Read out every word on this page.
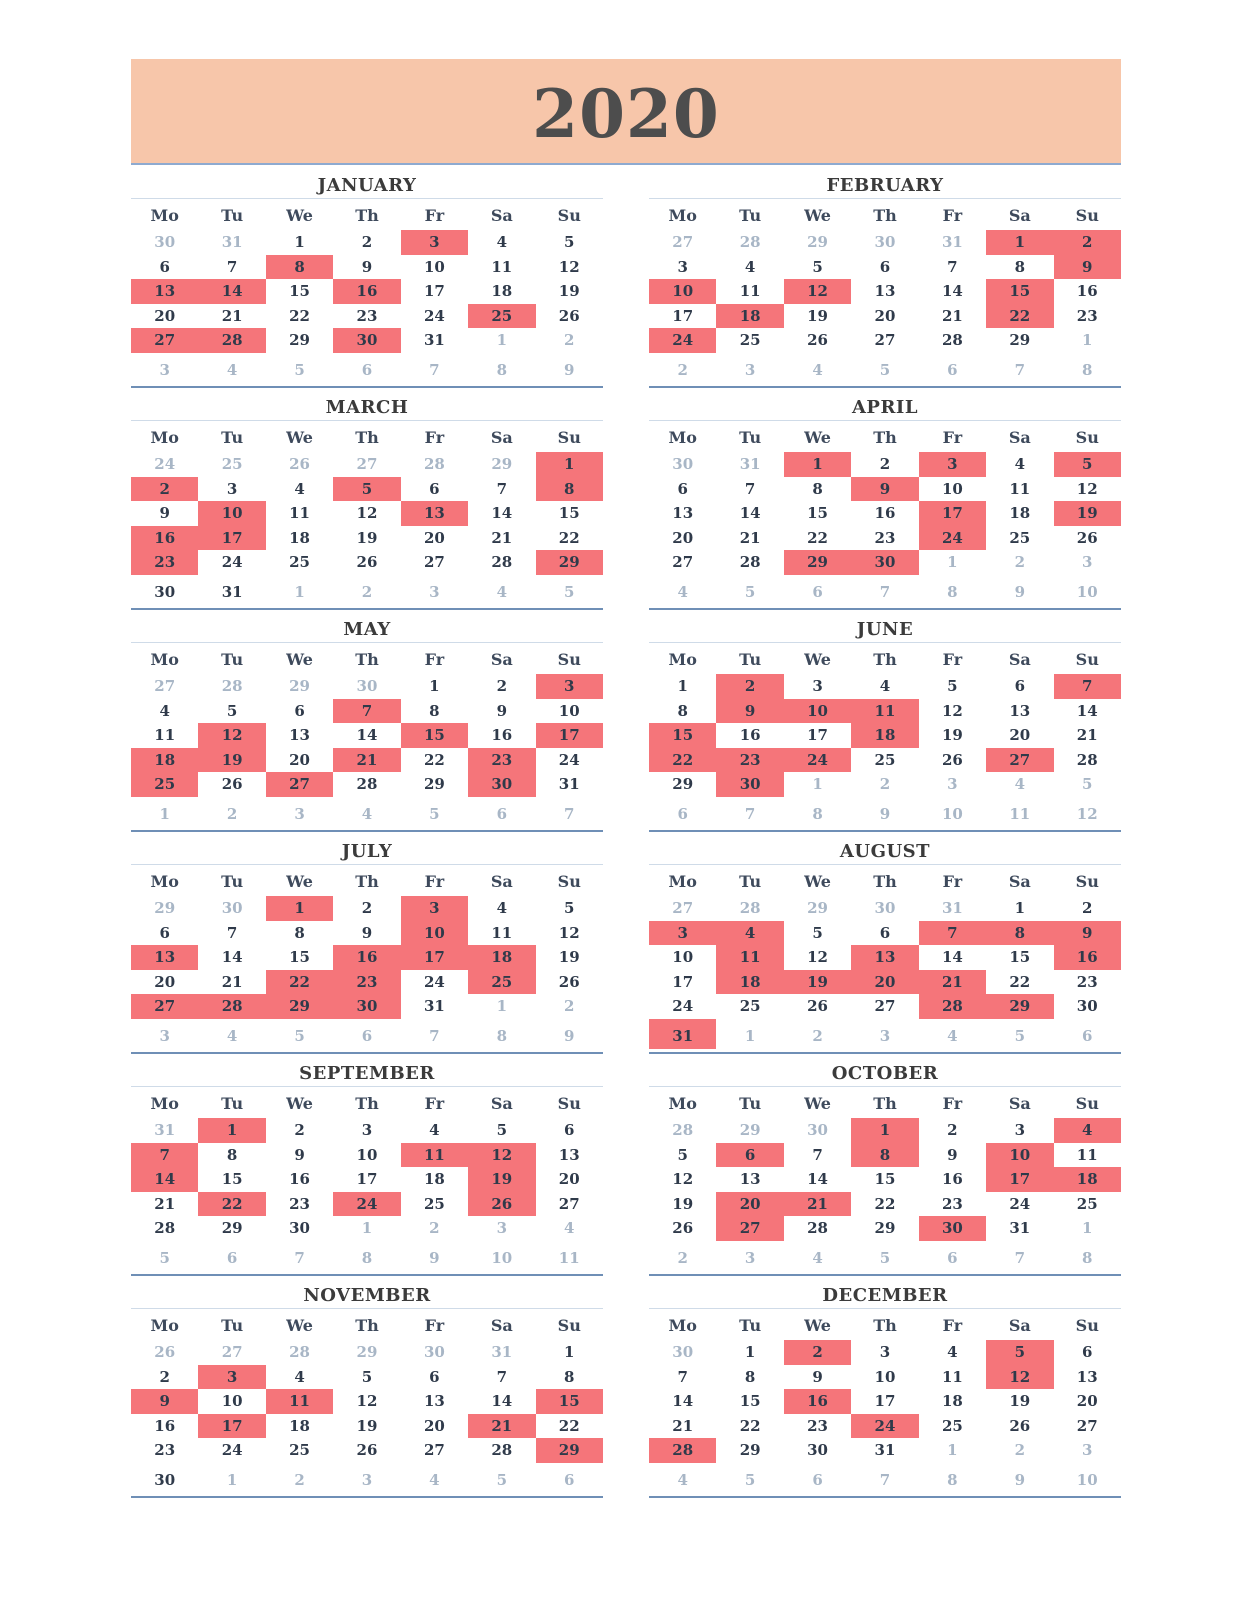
2020
JANUARY
Mo	Tu	We	Th	Fr	Sa	Su
30	31	1	2	3	4	5
6	7	8	9	10	11	12
13	14	15	16	17	18	19
20	21	22	23	24	25	26
27	28	29	30	31	1	2
3	4	5	6	7	8	9
FEBRUARY
Mo	Tu	We	Th	Fr	Sa	Su
27	28	29	30	31	1	2
3	4	5	6	7	8	9
10	11	12	13	14	15	16
17	18	19	20	21	22	23
24	25	26	27	28	29	1
2	3	4	5	6	7	8
MARCH
Mo	Tu	We	Th	Fr	Sa	Su
24	25	26	27	28	29	1
2	3	4	5	6	7	8
9	10	11	12	13	14	15
16	17	18	19	20	21	22
23	24	25	26	27	28	29
30	31	1	2	3	4	5
APRIL
Mo	Tu	We	Th	Fr	Sa	Su
30	31	1	2	3	4	5
6	7	8	9	10	11	12
13	14	15	16	17	18	19
20	21	22	23	24	25	26
27	28	29	30	1	2	3
4	5	6	7	8	9	10
MAY
Mo	Tu	We	Th	Fr	Sa	Su
27	28	29	30	1	2	3
4	5	6	7	8	9	10
11	12	13	14	15	16	17
18	19	20	21	22	23	24
25	26	27	28	29	30	31
1	2	3	4	5	6	7
JUNE
Mo	Tu	We	Th	Fr	Sa	Su
1	2	3	4	5	6	7
8	9	10	11	12	13	14
15	16	17	18	19	20	21
22	23	24	25	26	27	28
29	30	1	2	3	4	5
6	7	8	9	10	11	12
JULY
Mo	Tu	We	Th	Fr	Sa	Su
29	30	1	2	3	4	5
6	7	8	9	10	11	12
13	14	15	16	17	18	19
20	21	22	23	24	25	26
27	28	29	30	31	1	2
3	4	5	6	7	8	9
AUGUST
Mo	Tu	We	Th	Fr	Sa	Su
27	28	29	30	31	1	2
3	4	5	6	7	8	9
10	11	12	13	14	15	16
17	18	19	20	21	22	23
24	25	26	27	28	29	30
31	1	2	3	4	5	6
SEPTEMBER
Mo	Tu	We	Th	Fr	Sa	Su
31	1	2	3	4	5	6
7	8	9	10	11	12	13
14	15	16	17	18	19	20
21	22	23	24	25	26	27
28	29	30	1	2	3	4
5	6	7	8	9	10	11
OCTOBER
Mo	Tu	We	Th	Fr	Sa	Su
28	29	30	1	2	3	4
5	6	7	8	9	10	11
12	13	14	15	16	17	18
19	20	21	22	23	24	25
26	27	28	29	30	31	1
2	3	4	5	6	7	8
NOVEMBER
Mo	Tu	We	Th	Fr	Sa	Su
26	27	28	29	30	31	1
2	3	4	5	6	7	8
9	10	11	12	13	14	15
16	17	18	19	20	21	22
23	24	25	26	27	28	29
30	1	2	3	4	5	6
DECEMBER
Mo	Tu	We	Th	Fr	Sa	Su
30	1	2	3	4	5	6
7	8	9	10	11	12	13
14	15	16	17	18	19	20
21	22	23	24	25	26	27
28	29	30	31	1	2	3
4	5	6	7	8	9	10
